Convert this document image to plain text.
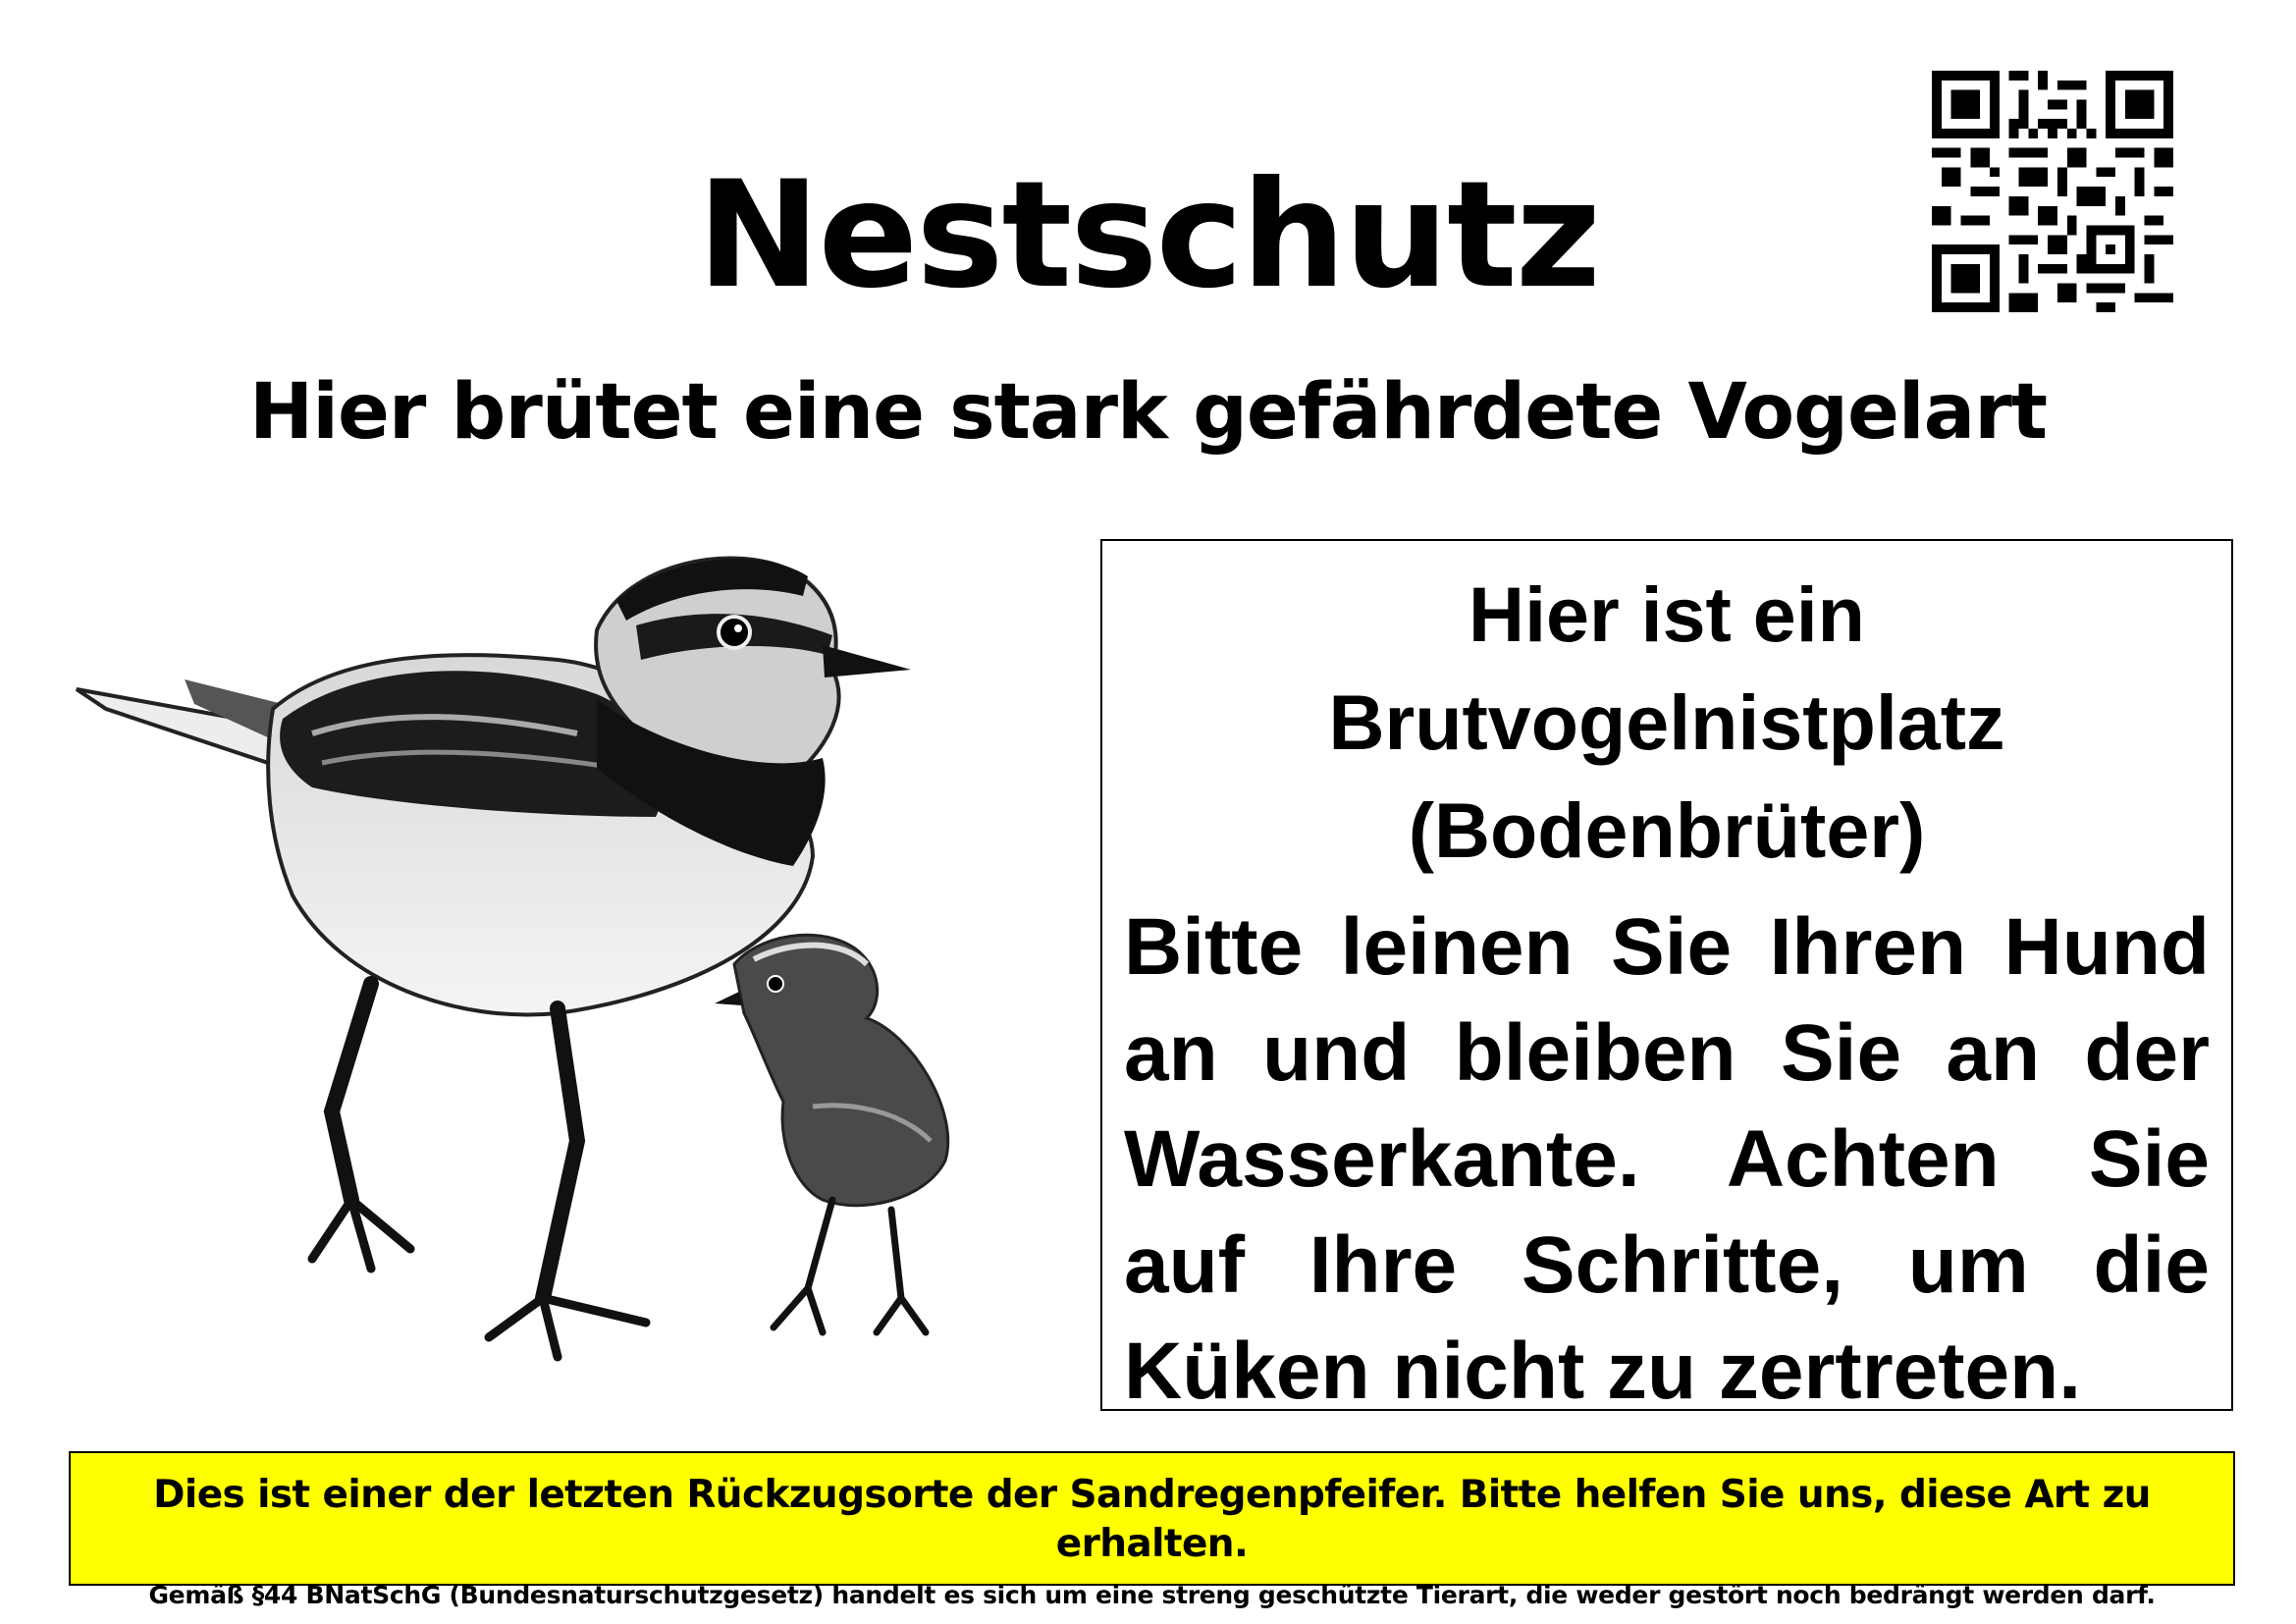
Nestschutz
Hier brütet eine stark gefährdete Vogelart
Hier ist ein
Brutvogelnistplatz
(Bodenbrüter)
Bitte leinen Sie Ihren Hund an und bleiben Sie an der Wasserkante. Achten Sie auf Ihre Schritte, um die Küken nicht zu zertreten.
Dies ist einer der letzten Rückzugsorte der Sandregenpfeifer. Bitte helfen Sie uns, diese Art zu erhalten.
Gemäß §44 BNatSchG (Bundesnaturschutzgesetz) handelt es sich um eine streng geschützte Tierart, die weder gestört noch bedrängt werden darf.
